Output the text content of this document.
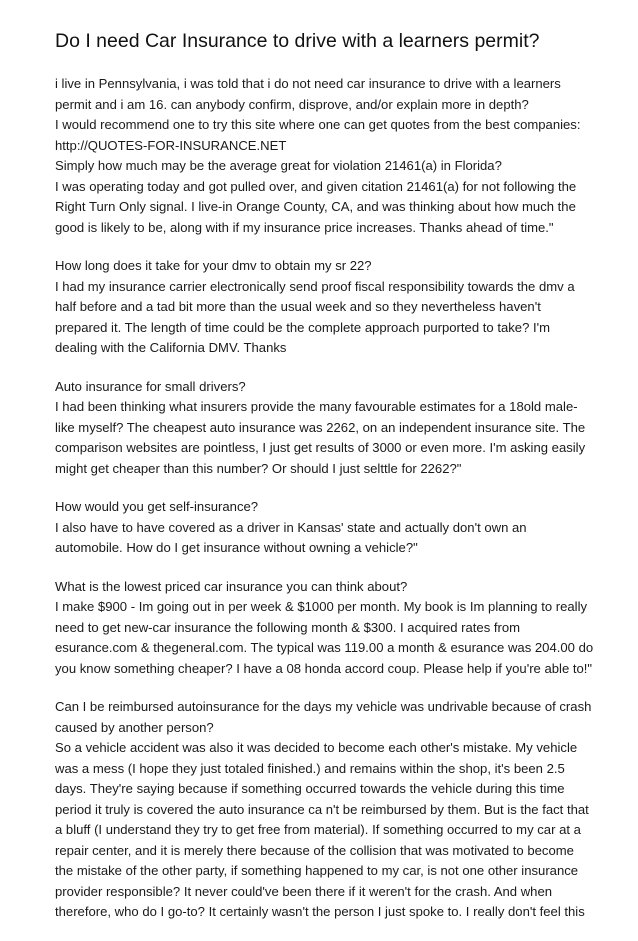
Do I need Car Insurance to drive with a learners permit?
i live in Pennsylvania, i was told that i do not need car insurance to drive with a learners
permit and i am 16. can anybody confirm, disprove, and/or explain more in depth?
I would recommend one to try this site where one can get quotes from the best companies:
http://QUOTES-FOR-INSURANCE.NET
Simply how much may be the average great for violation 21461(a) in Florida?
I was operating today and got pulled over, and given citation 21461(a) for not following the
Right Turn Only signal. I live-in Orange County, CA, and was thinking about how much the
good is likely to be, along with if my insurance price increases. Thanks ahead of time."
How long does it take for your dmv to obtain my sr 22?
I had my insurance carrier electronically send proof fiscal responsibility towards the dmv a
half before and a tad bit more than the usual week and so they nevertheless haven't
prepared it. The length of time could be the complete approach purported to take? I'm
dealing with the California DMV. Thanks
Auto insurance for small drivers?
I had been thinking what insurers provide the many favourable estimates for a 18old male-
like myself? The cheapest auto insurance was 2262, on an independent insurance site. The
comparison websites are pointless, I just get results of 3000 or even more. I'm asking easily
might get cheaper than this number? Or should I just selttle for 2262?"
How would you get self-insurance?
I also have to have covered as a driver in Kansas' state and actually don't own an
automobile. How do I get insurance without owning a vehicle?"
What is the lowest priced car insurance you can think about?
I make $900 - Im going out in per week & $1000 per month. My book is Im planning to really
need to get new-car insurance the following month & $300. I acquired rates from
esurance.com & thegeneral.com. The typical was 119.00 a month & esurance was 204.00 do
you know something cheaper? I have a 08 honda accord coup. Please help if you're able to!"
Can I be reimbursed autoinsurance for the days my vehicle was undrivable because of crash
caused by another person?
So a vehicle accident was also it was decided to become each other's mistake. My vehicle
was a mess (I hope they just totaled finished.) and remains within the shop, it's been 2.5
days. They're saying because if something occurred towards the vehicle during this time
period it truly is covered the auto insurance ca n't be reimbursed by them. But is the fact that
a bluff (I understand they try to get free from material). If something occurred to my car at a
repair center, and it is merely there because of the collision that was motivated to become
the mistake of the other party, if something happened to my car, is not one other insurance
provider responsible? It never could've been there if it weren't for the crash. And when
therefore, who do I go-to? It certainly wasn't the person I just spoke to. I really don't feel this
